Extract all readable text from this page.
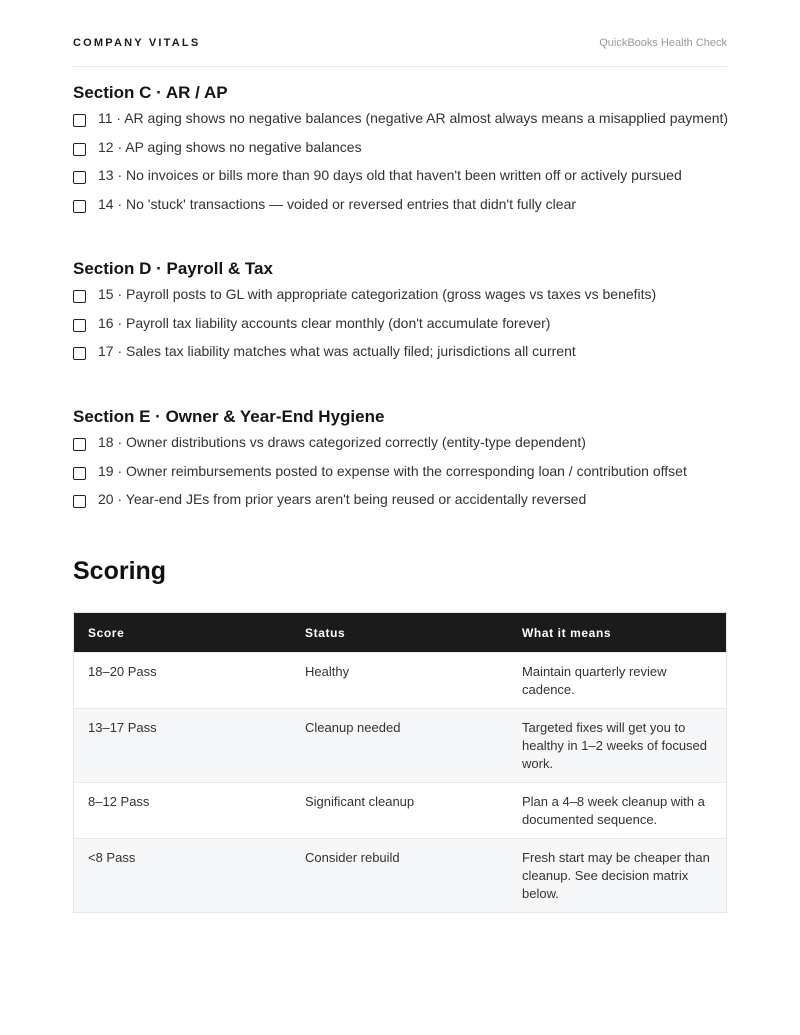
COMPANY VITALS	QuickBooks Health Check
Section C · AR / AP
11 · AR aging shows no negative balances (negative AR almost always means a misapplied payment)
12 · AP aging shows no negative balances
13 · No invoices or bills more than 90 days old that haven't been written off or actively pursued
14 · No 'stuck' transactions — voided or reversed entries that didn't fully clear
Section D · Payroll & Tax
15 · Payroll posts to GL with appropriate categorization (gross wages vs taxes vs benefits)
16 · Payroll tax liability accounts clear monthly (don't accumulate forever)
17 · Sales tax liability matches what was actually filed; jurisdictions all current
Section E · Owner & Year-End Hygiene
18 · Owner distributions vs draws categorized correctly (entity-type dependent)
19 · Owner reimbursements posted to expense with the corresponding loan / contribution offset
20 · Year-end JEs from prior years aren't being reused or accidentally reversed
Scoring
Score	Status	What it means
18–20 Pass	Healthy	Maintain quarterly review cadence.
13–17 Pass	Cleanup needed	Targeted fixes will get you to healthy in 1–2 weeks of focused work.
8–12 Pass	Significant cleanup	Plan a 4–8 week cleanup with a documented sequence.
<8 Pass	Consider rebuild	Fresh start may be cheaper than cleanup. See decision matrix below.
